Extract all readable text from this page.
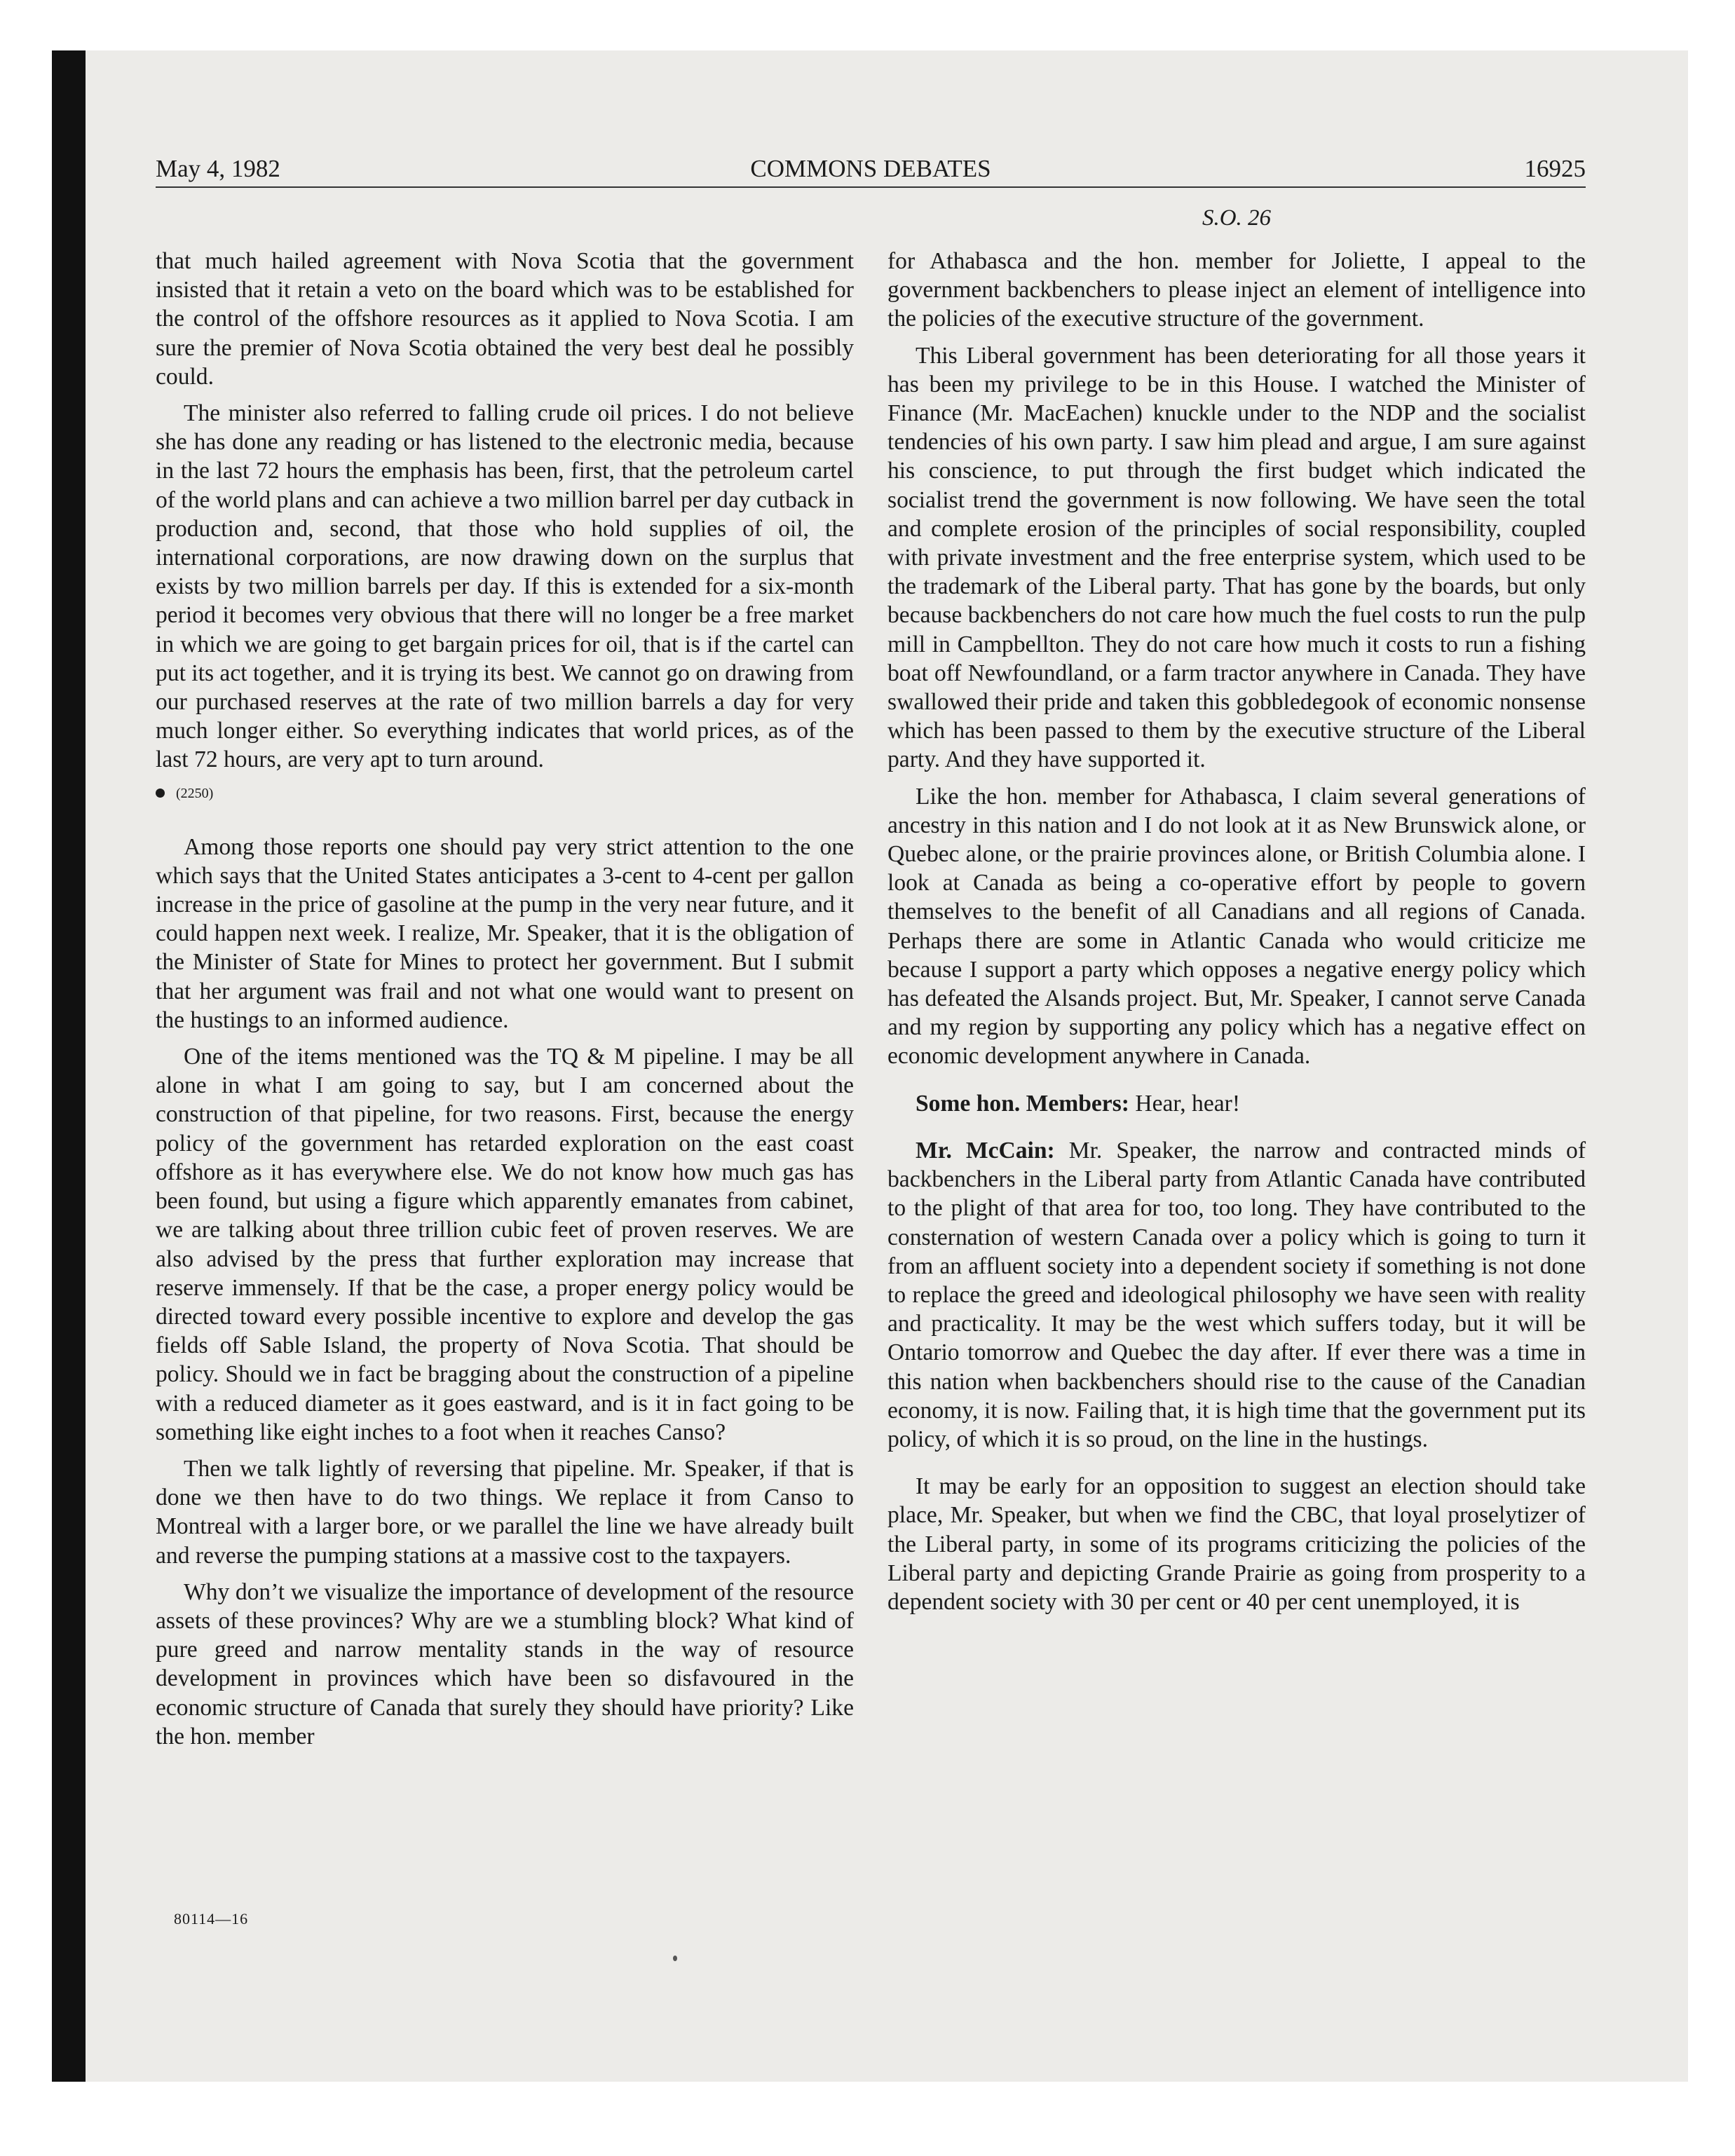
May 4, 1982	COMMONS DEBATES	16925
S.O. 26

that much hailed agreement with Nova Scotia that the government insisted that it retain a veto on the board which was to be established for the control of the offshore resources as it applied to Nova Scotia. I am sure the premier of Nova Scotia obtained the very best deal he possibly could.

The minister also referred to falling crude oil prices. I do not believe she has done any reading or has listened to the electronic media, because in the last 72 hours the emphasis has been, first, that the petroleum cartel of the world plans and can achieve a two million barrel per day cutback in production and, second, that those who hold supplies of oil, the international corporations, are now drawing down on the surplus that exists by two million barrels per day. If this is extended for a six-month period it becomes very obvious that there will no longer be a free market in which we are going to get bargain prices for oil, that is if the cartel can put its act together, and it is trying its best. We cannot go on drawing from our purchased reserves at the rate of two million barrels a day for very much longer either. So everything indicates that world prices, as of the last 72 hours, are very apt to turn around.

(2250)

Among those reports one should pay very strict attention to the one which says that the United States anticipates a 3-cent to 4-cent per gallon increase in the price of gasoline at the pump in the very near future, and it could happen next week. I realize, Mr. Speaker, that it is the obligation of the Minister of State for Mines to protect her government. But I submit that her argument was frail and not what one would want to present on the hustings to an informed audience.

One of the items mentioned was the TQ & M pipeline. I may be all alone in what I am going to say, but I am concerned about the construction of that pipeline, for two reasons. First, because the energy policy of the government has retarded exploration on the east coast offshore as it has everywhere else. We do not know how much gas has been found, but using a figure which apparently emanates from cabinet, we are talking about three trillion cubic feet of proven reserves. We are also advised by the press that further exploration may increase that reserve immensely. If that be the case, a proper energy policy would be directed toward every possible incentive to explore and develop the gas fields off Sable Island, the property of Nova Scotia. That should be policy. Should we in fact be bragging about the construction of a pipeline with a reduced diameter as it goes eastward, and is it in fact going to be something like eight inches to a foot when it reaches Canso?

Then we talk lightly of reversing that pipeline. Mr. Speaker, if that is done we then have to do two things. We replace it from Canso to Montreal with a larger bore, or we parallel the line we have already built and reverse the pumping stations at a massive cost to the taxpayers.

Why don’t we visualize the importance of development of the resource assets of these provinces? Why are we a stumbling block? What kind of pure greed and narrow mentality stands in the way of resource development in provinces which have been so disfavoured in the economic structure of Canada that surely they should have priority? Like the hon. member

for Athabasca and the hon. member for Joliette, I appeal to the government backbenchers to please inject an element of intelligence into the policies of the executive structure of the government.

This Liberal government has been deteriorating for all those years it has been my privilege to be in this House. I watched the Minister of Finance (Mr. MacEachen) knuckle under to the NDP and the socialist tendencies of his own party. I saw him plead and argue, I am sure against his conscience, to put through the first budget which indicated the socialist trend the government is now following. We have seen the total and complete erosion of the principles of social responsibility, coupled with private investment and the free enterprise system, which used to be the trademark of the Liberal party. That has gone by the boards, but only because backbenchers do not care how much the fuel costs to run the pulp mill in Campbellton. They do not care how much it costs to run a fishing boat off Newfoundland, or a farm tractor anywhere in Canada. They have swallowed their pride and taken this gobbledegook of economic nonsense which has been passed to them by the executive structure of the Liberal party. And they have supported it.

Like the hon. member for Athabasca, I claim several generations of ancestry in this nation and I do not look at it as New Brunswick alone, or Quebec alone, or the prairie provinces alone, or British Columbia alone. I look at Canada as being a co-operative effort by people to govern themselves to the benefit of all Canadians and all regions of Canada. Perhaps there are some in Atlantic Canada who would criticize me because I support a party which opposes a negative energy policy which has defeated the Alsands project. But, Mr. Speaker, I cannot serve Canada and my region by supporting any policy which has a negative effect on economic development anywhere in Canada.

Some hon. Members: Hear, hear!

Mr. McCain: Mr. Speaker, the narrow and contracted minds of backbenchers in the Liberal party from Atlantic Canada have contributed to the plight of that area for too, too long. They have contributed to the consternation of western Canada over a policy which is going to turn it from an affluent society into a dependent society if something is not done to replace the greed and ideological philosophy we have seen with reality and practicality. It may be the west which suffers today, but it will be Ontario tomorrow and Quebec the day after. If ever there was a time in this nation when backbenchers should rise to the cause of the Canadian economy, it is now. Failing that, it is high time that the government put its policy, of which it is so proud, on the line in the hustings.

It may be early for an opposition to suggest an election should take place, Mr. Speaker, but when we find the CBC, that loyal proselytizer of the Liberal party, in some of its programs criticizing the policies of the Liberal party and depicting Grande Prairie as going from prosperity to a dependent society with 30 per cent or 40 per cent unemployed, it is

80114—16
